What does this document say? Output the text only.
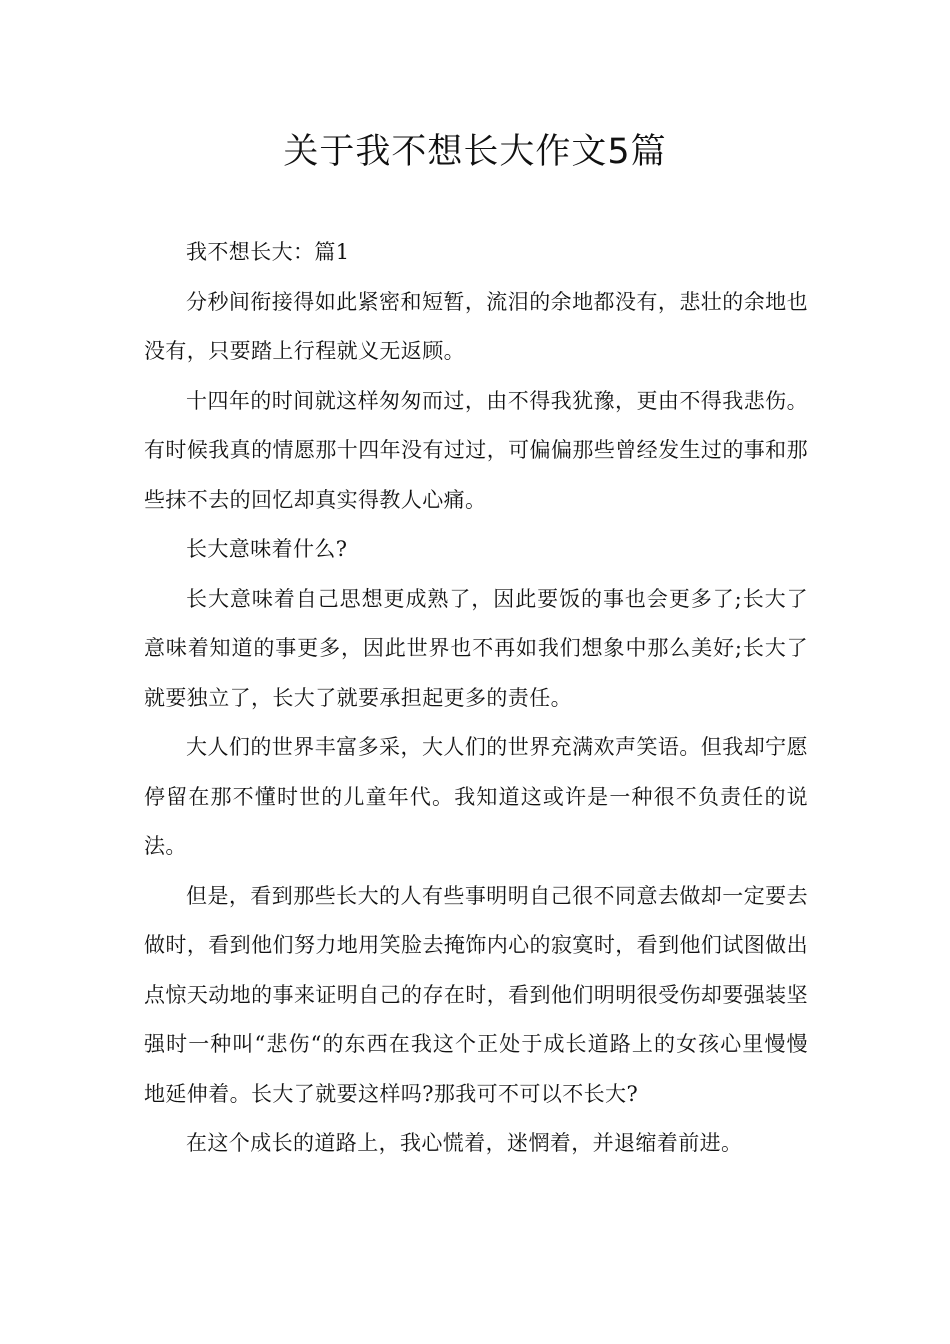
关于我不想长大作文5篇

我不想长大：篇1

分秒间衔接得如此紧密和短暂，流泪的余地都没有，悲壮的余地也没有，只要踏上行程就义无返顾。

十四年的时间就这样匆匆而过，由不得我犹豫，更由不得我悲伤。有时候我真的情愿那十四年没有过过，可偏偏那些曾经发生过的事和那些抹不去的回忆却真实得教人心痛。

长大意味着什么?

长大意味着自己思想更成熟了，因此要饭的事也会更多了;长大了意味着知道的事更多，因此世界也不再如我们想象中那么美好;长大了就要独立了，长大了就要承担起更多的责任。

大人们的世界丰富多采，大人们的世界充满欢声笑语。但我却宁愿停留在那不懂时世的儿童年代。我知道这或许是一种很不负责任的说法。

但是，看到那些长大的人有些事明明自己很不同意去做却一定要去做时，看到他们努力地用笑脸去掩饰内心的寂寞时，看到他们试图做出点惊天动地的事来证明自己的存在时，看到他们明明很受伤却要强装坚强时一种叫“悲伤“的东西在我这个正处于成长道路上的女孩心里慢慢地延伸着。长大了就要这样吗?那我可不可以不长大?

在这个成长的道路上，我心慌着，迷惘着，并退缩着前进。
